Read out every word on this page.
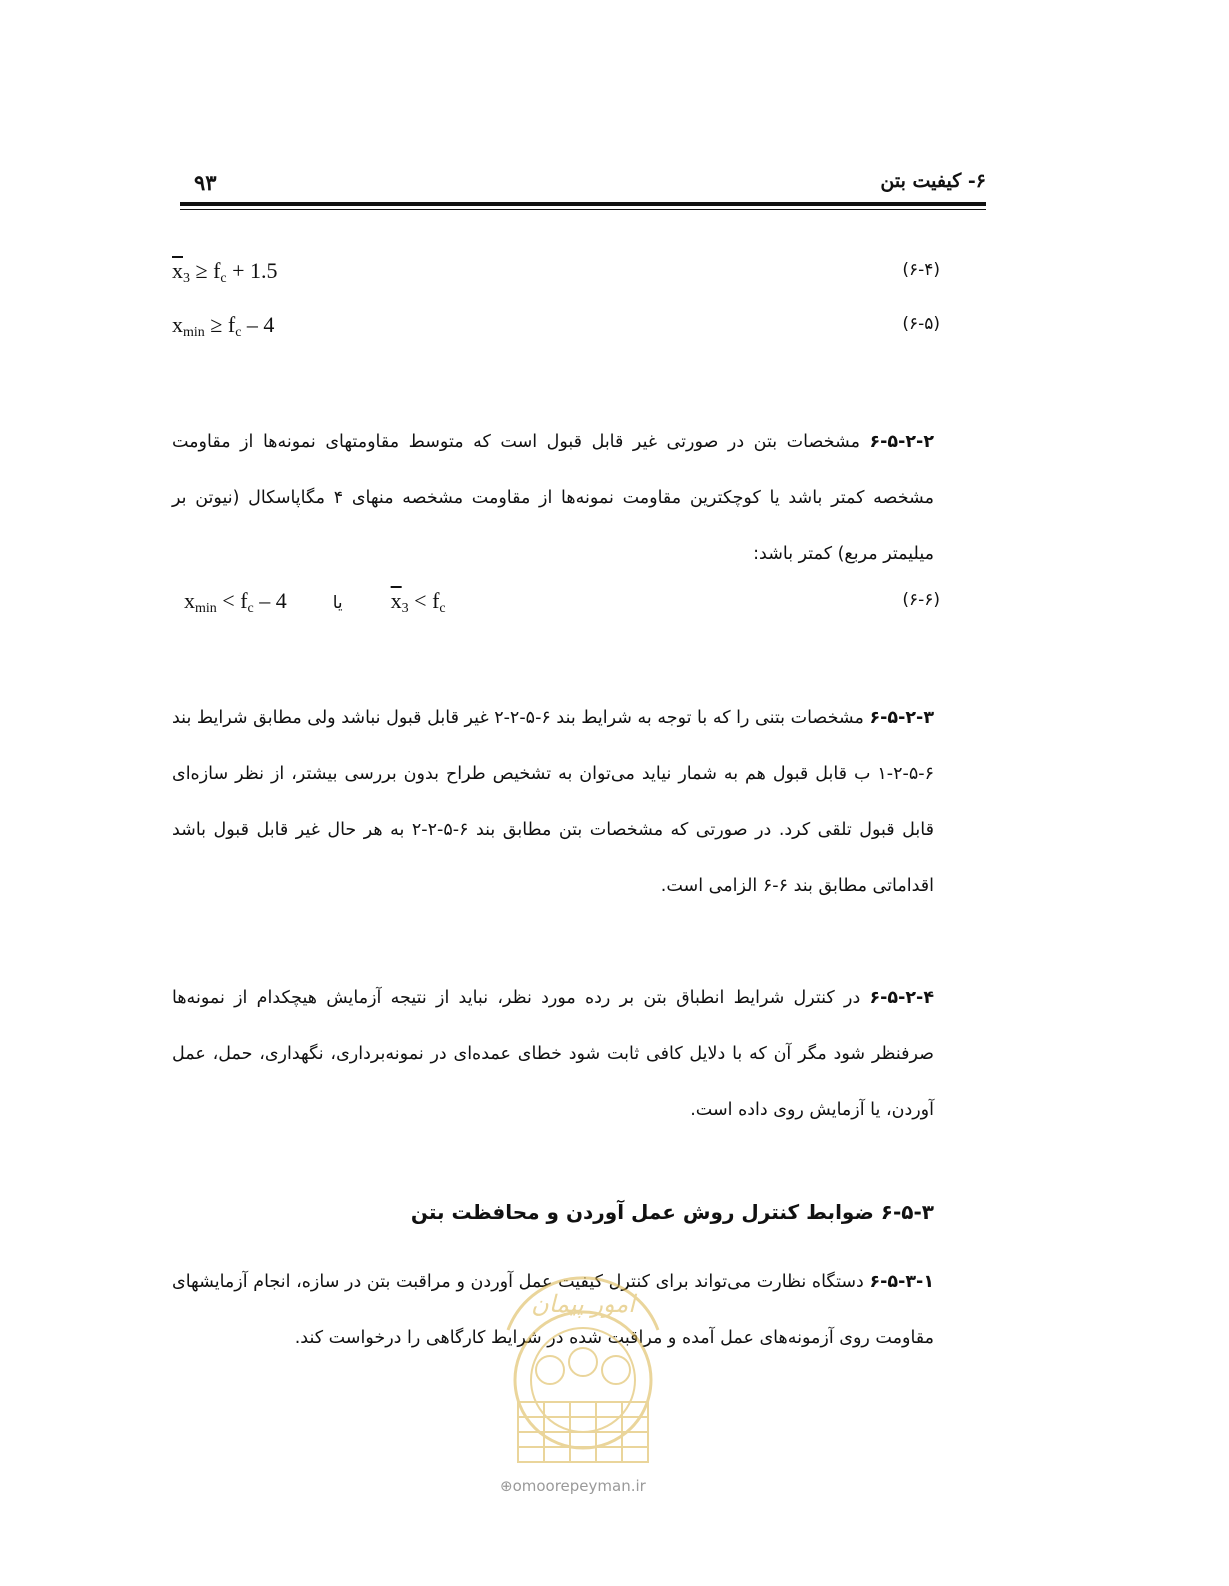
۶- کیفیت بتن
۹۳
$\overline{x}_3 \ge f_c + 1.5$	(۶-۴)
$x_{min} \ge f_c - 4$	(۶-۵)

۶-۵-۲-۲ مشخصات بتن در صورتی غیر قابل قبول است که متوسط مقاومتهای نمونه‌ها از مقاومت مشخصه کمتر باشد یا کوچکترین مقاومت نمونه‌ها از مقاومت مشخصه منهای ۴ مگاپاسکال (نیوتن بر میلیمتر مربع) کمتر باشد:

$x_{min} < f_c - 4$	یا $\overline{x}_3 < f_c$	(۶-۶)

۶-۵-۲-۳ مشخصات بتنی را که با توجه به شرایط بند ۶-۵-۲-۲ غیر قابل قبول نباشد ولی مطابق شرایط بند ۶-۵-۲-۱ ب قابل قبول هم به شمار نیاید می‌توان به تشخیص طراح بدون بررسی بیشتر، از نظر سازه‌ای قابل قبول تلقی کرد. در صورتی که مشخصات بتن مطابق بند ۶-۵-۲-۲ به هر حال غیر قابل قبول باشد اقداماتی مطابق بند ۶-۶ الزامی است.

۶-۵-۲-۴ در کنترل شرایط انطباق بتن بر رده مورد نظر، نباید از نتیجه آزمایش هیچکدام از نمونه‌ها صرفنظر شود مگر آن که با دلایل کافی ثابت شود خطای عمده‌ای در نمونه‌برداری، نگهداری، حمل، عمل آوردن، یا آزمایش روی داده است.

۶-۵-۳ ضوابط کنترل روش عمل آوردن و محافظت بتن

۶-۵-۳-۱ دستگاه نظارت می‌تواند برای کنترل کیفیت عمل آوردن و مراقبت بتن در سازه، انجام آزمایشهای مقاومت روی آزمونه‌های عمل آمده و مراقبت شده در شرایط کارگاهی را درخواست کند.

امور پیمان
⊕omoorepeyman.ir
